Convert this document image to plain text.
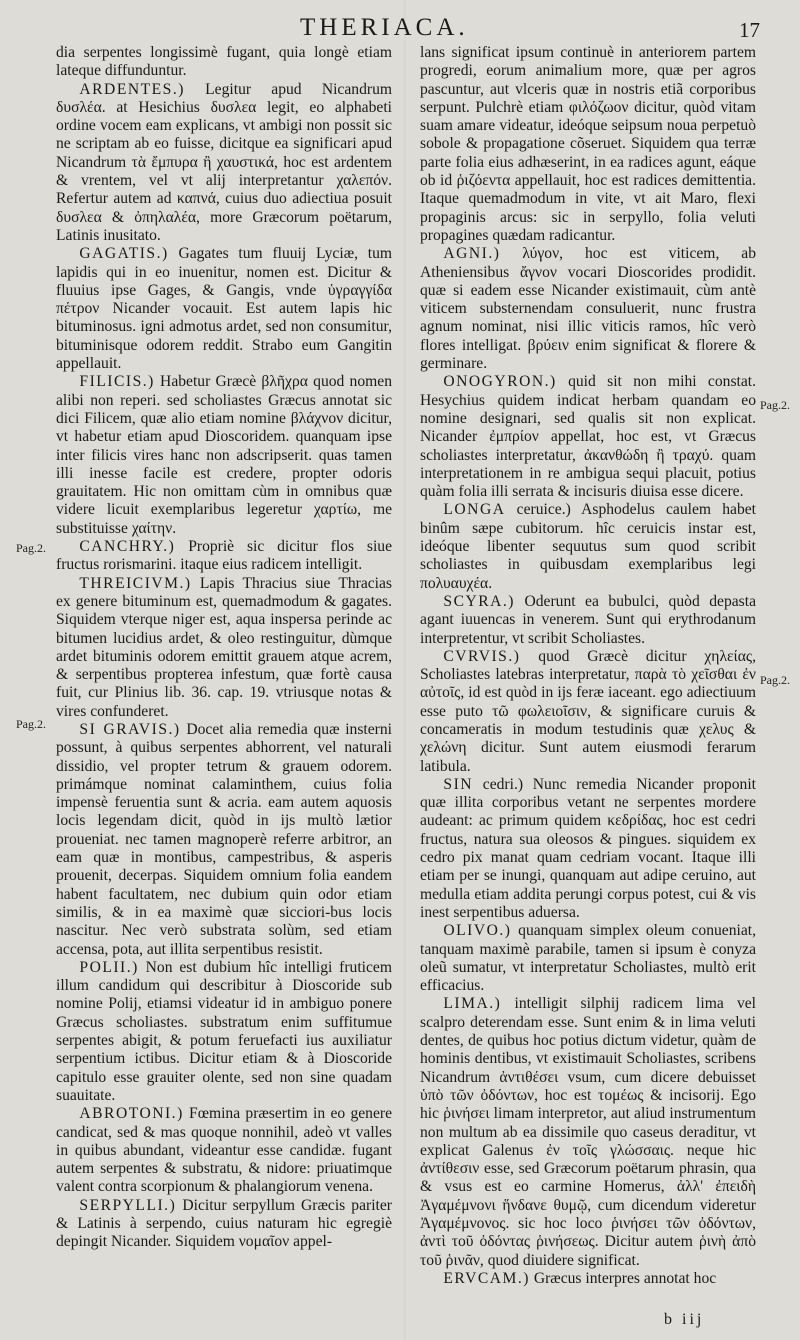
THERIACA.	17

dia serpentes longissimè fugant, quia longè etiam lateque diffunduntur.

ARDENTES.) Legitur apud Nicandrum δυσλέα. at Hesichius δυσλεα legit, eo alphabeti ordine vocem eam explicans, vt ambigi non possit sic ne scriptam ab eo fuisse, dicitque ea significari apud Nicandrum τὰ ἔμπυρα ἢ χαυστικά, hoc est ardentem & vrentem, vel vt alij interpretantur χαλεπόν. Refertur autem ad καπνά, cuius duo adiectiua posuit δυσλεα & ὀπηλαλέα, more Græcorum poëtarum, Latinis inusitato.

GAGATIS.) Gagates tum fluuij Lyciæ, tum lapidis qui in eo inuenitur, nomen est. Dicitur & fluuius ipse Gages, & Gangis, vnde ὑγραγγίδα πέτρον Nicander vocauit. Est autem lapis hic bituminosus. igni admotus ardet, sed non consumitur, bituminisque odorem reddit. Strabo eum Gangitin appellauit.

FILICIS.) Habetur Græcè βλῆχρα quod nomen alibi non reperi. sed scholiastes Græcus annotat sic dici Filicem, quæ alio etiam nomine βλάχνον dicitur, vt habetur etiam apud Dioscoridem. quanquam ipse inter filicis vires hanc non adscripserit. quas tamen illi inesse facile est credere, propter odoris grauitatem. Hic non omittam cùm in omnibus quæ videre licuit exemplaribus legeretur χαρτίω, me substituisse χαίτην.

CANCHRY.) Propriè sic dicitur flos siue fructus rorismarini. itaque eius radicem intelligit.

THREICIVM.) Lapis Thracius siue Thracias ex genere bituminum est, quemadmodum & gagates. Siquidem vterque niger est, aqua inspersa perinde ac bitumen lucidius ardet, & oleo restinguitur, dùmque ardet bituminis odorem emittit grauem atque acrem, & serpentibus propterea infestum, quæ fortè causa fuit, cur Plinius lib. 36. cap. 19. vtriusque notas & vires confunderet.

SI GRAVIS.) Docet alia remedia quæ insterni possunt, à quibus serpentes abhorrent, vel naturali dissidio, vel propter tetrum & grauem odorem. primámque nominat calaminthem, cuius folia impensè feruentia sunt & acria. eam autem aquosis locis legendam dicit, quòd in ijs multò lætior proueniat. nec tamen magnoperè referre arbitror, an eam quæ in montibus, campestribus, & asperis prouenit, decerpas. Siquidem omnium folia eandem habent facultatem, nec dubium quin odor etiam similis, & in ea maximè quæ sicciori-bus locis nascitur. Nec verò substrata solùm, sed etiam accensa, pota, aut illita serpentibus resistit.

POLII.) Non est dubium hîc intelligi fruticem illum candidum qui describitur à Dioscoride sub nomine Polij, etiamsi videatur id in ambiguo ponere Græcus scholiastes. substratum enim suffitumue serpentes abigit, & potum feruefacti ius auxiliatur serpentium ictibus. Dicitur etiam & à Dioscoride capitulo esse grauiter olente, sed non sine quadam suauitate.

ABROTONI.) Fœmina præsertim in eo genere candicat, sed & mas quoque nonnihil, adeò vt valles in quibus abundant, videantur esse candidæ. fugant autem serpentes & substratu, & nidore: priuatimque valent contra scorpionum & phalangiorum venena.

SERPYLLI.) Dicitur serpyllum Græcis pariter & Latinis à serpendo, cuius naturam hic egregiè depingit Nicander. Siquidem νομαῖον appel-

lans significat ipsum continuè in anteriorem partem progredi, eorum animalium more, quæ per agros pascuntur, aut vlceris quæ in nostris etiã corporibus serpunt. Pulchrè etiam φιλόζωον dicitur, quòd vitam suam amare videatur, ideóque seipsum noua perpetuò sobole & propagatione cõseruet. Siquidem qua terræ parte folia eius adhæserint, in ea radices agunt, eáque ob id ῥιζόεντα appellauit, hoc est radices demittentia. Itaque quemadmodum in vite, vt ait Maro, flexi propaginis arcus: sic in serpyllo, folia veluti propagines quædam radicantur.

AGNI.) λύγον, hoc est viticem, ab Atheniensibus ἄγνον vocari Dioscorides prodidit. quæ si eadem esse Nicander existimauit, cùm antè viticem substernendam consuluerit, nunc frustra agnum nominat, nisi illic viticis ramos, hîc verò flores intelligat. βρύειν enim significat & florere & germinare.

ONOGYRON.) quid sit non mihi constat. Hesychius quidem indicat herbam quandam eo nomine designari, sed qualis sit non explicat. Nicander ἐμπρίον appellat, hoc est, vt Græcus scholiastes interpretatur, ἀκανθώδη ἢ τραχύ. quam interpretationem in re ambigua sequi placuit, potius quàm folia illi serrata & incisuris diuisa esse dicere.

LONGA ceruice.) Asphodelus caulem habet binûm sæpe cubitorum. hîc ceruicis instar est, ideóque libenter sequutus sum quod scribit scholiastes in quibusdam exemplaribus legi πολυαυχέα.

SCYRA.) Oderunt ea bubulci, quòd depasta agant iuuencas in venerem. Sunt qui erythrodanum interpretentur, vt scribit Scholiastes.

CVRVIS.) quod Græcè dicitur χηλείας, Scholiastes latebras interpretatur, παρὰ τὸ χεῖσθαι ἐν αὐτοῖς, id est quòd in ijs feræ iaceant. ego adiectiuum esse puto τῶ φωλειοῖσιν, & significare curuis & concameratis in modum testudinis quæ χελυς & χελώνη dicitur. Sunt autem eiusmodi ferarum latibula.

SIN cedri.) Nunc remedia Nicander proponit quæ illita corporibus vetant ne serpentes mordere audeant: ac primum quidem κεδρίδας, hoc est cedri fructus, natura sua oleosos & pingues. siquidem ex cedro pix manat quam cedriam vocant. Itaque illi etiam per se inungi, quanquam aut adipe ceruino, aut medulla etiam addita perungi corpus potest, cui & vis inest serpentibus aduersa.

OLIVO.) quanquam simplex oleum conueniat, tanquam maximè parabile, tamen si ipsum è conyza oleũ sumatur, vt interpretatur Scholiastes, multò erit efficacius.

LIMA.) intelligit silphij radicem lima vel scalpro deterendam esse. Sunt enim & in lima veluti dentes, de quibus hoc potius dictum videtur, quàm de hominis dentibus, vt existimauit Scholiastes, scribens Nicandrum ἀντιθέσει vsum, cum dicere debuisset ὑπὸ τῶν ὀδόντων, hoc est τομέως & incisorij. Ego hic ῥινήσει limam interpretor, aut aliud instrumentum non multum ab ea dissimile quo caseus deraditur, vt explicat Galenus ἐν τοῖς γλώσσαις. neque hic ἀντίθεσιν esse, sed Græcorum poëtarum phrasin, qua & vsus est eo carmine Homerus, ἀλλ' ἐπειδὴ Ἀγαμέμνονι ἥνδανε θυμῷ, cum dicendum videretur Ἀγαμέμνονος. sic hoc loco ῥινήσει τῶν ὀδόντων, ἀντὶ τοῦ ὀδόντας ῥινήσεως. Dicitur autem ῥινὴ ἀπὸ τοῦ ῥινᾶν, quod diuidere significat.

ERVCAM.) Græcus interpres annotat hoc

Pag.2.
Pag.2.
Pag.2.
Pag.2.
b iij
